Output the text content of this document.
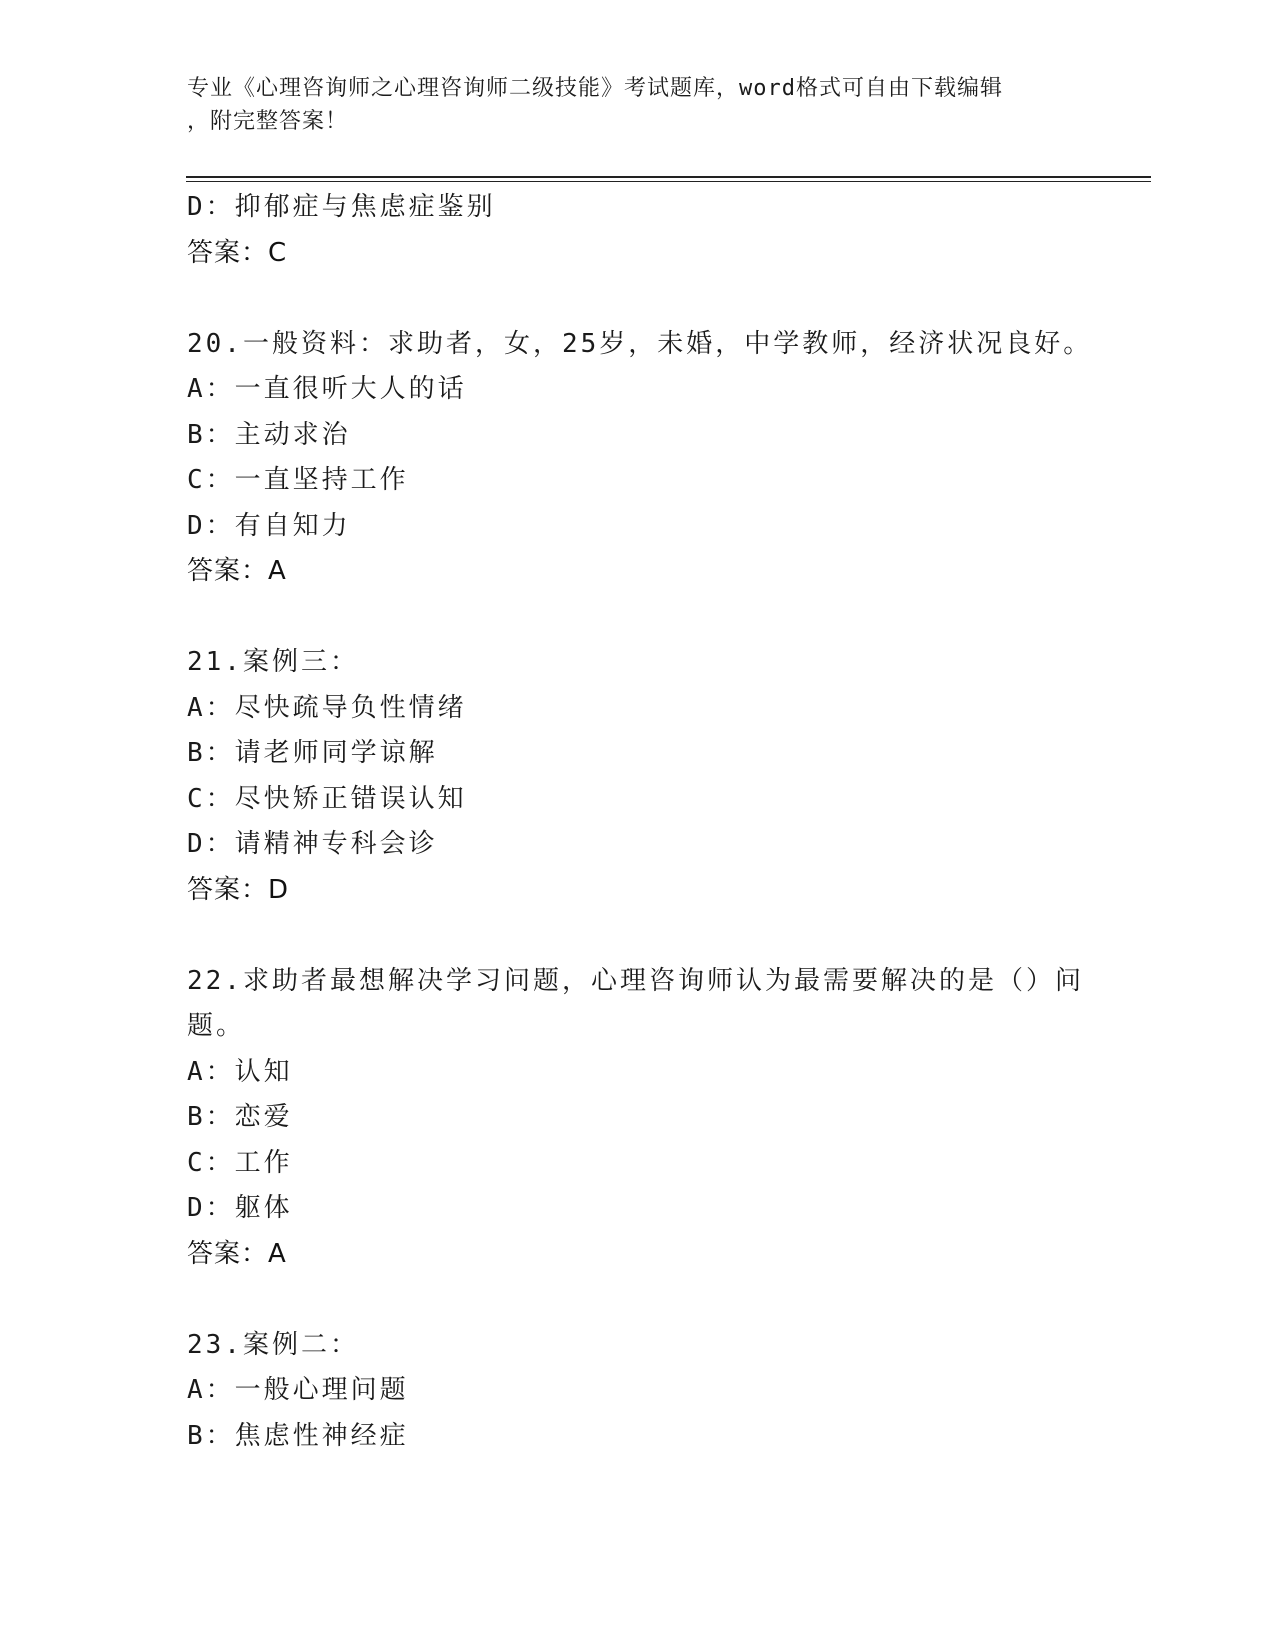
专业《心理咨询师之心理咨询师二级技能》考试题库，word格式可自由下载编辑
，附完整答案！
D：抑郁症与焦虑症鉴别
答案：C
20.一般资料：求助者，女，25岁，未婚，中学教师，经济状况良好。
A：一直很听大人的话
B：主动求治
C：一直坚持工作
D：有自知力
答案：A
21.案例三：
A：尽快疏导负性情绪
B：请老师同学谅解
C：尽快矫正错误认知
D：请精神专科会诊
答案：D
22.求助者最想解决学习问题，心理咨询师认为最需要解决的是（）问
题。
A：认知
B：恋爱
C：工作
D：躯体
答案：A
23.案例二：
A：一般心理问题
B：焦虑性神经症
